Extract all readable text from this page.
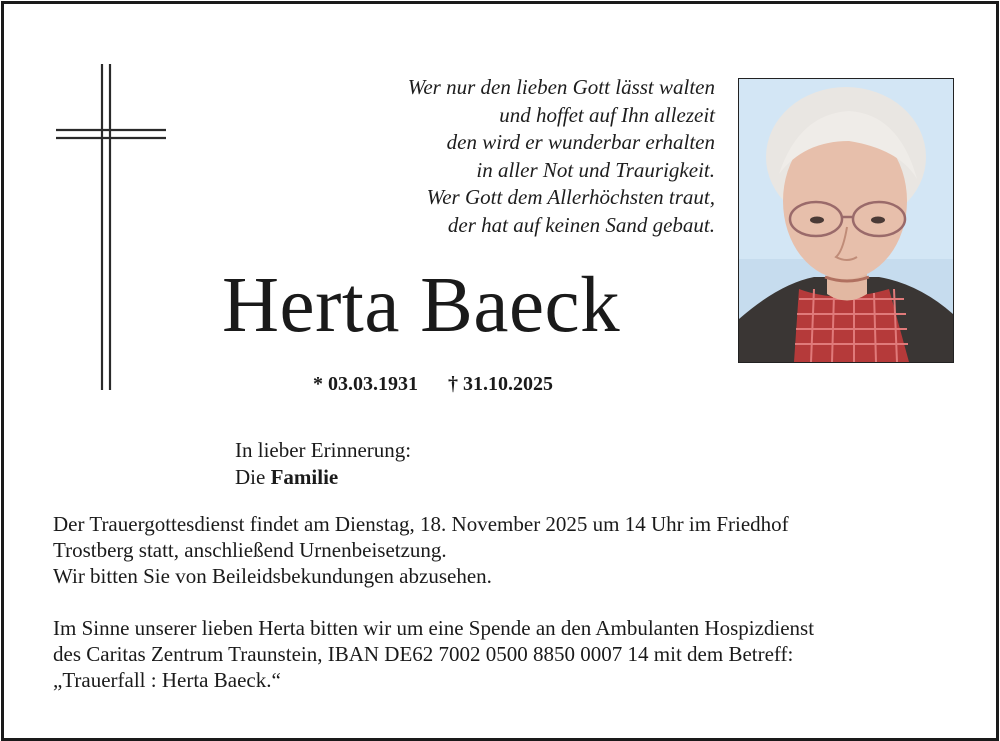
Wer nur den lieben Gott lässt walten
und hoffet auf Ihn allezeit
den wird er wunderbar erhalten
in aller Not und Traurigkeit.
Wer Gott dem Allerhöchsten traut,
der hat auf keinen Sand gebaut.
Herta Baeck
* 03.03.1931 † 31.10.2025
In lieber Erinnerung:
Die Familie
Der Trauergottesdienst findet am Dienstag, 18. November 2025 um 14 Uhr im Friedhof
Trostberg statt, anschließend Urnenbeisetzung.
Wir bitten Sie von Beileidsbekundungen abzusehen.
Im Sinne unserer lieben Herta bitten wir um eine Spende an den Ambulanten Hospizdienst
des Caritas Zentrum Traunstein, IBAN DE62 7002 0500 8850 0007 14 mit dem Betreff:
„Trauerfall : Herta Baeck.“
